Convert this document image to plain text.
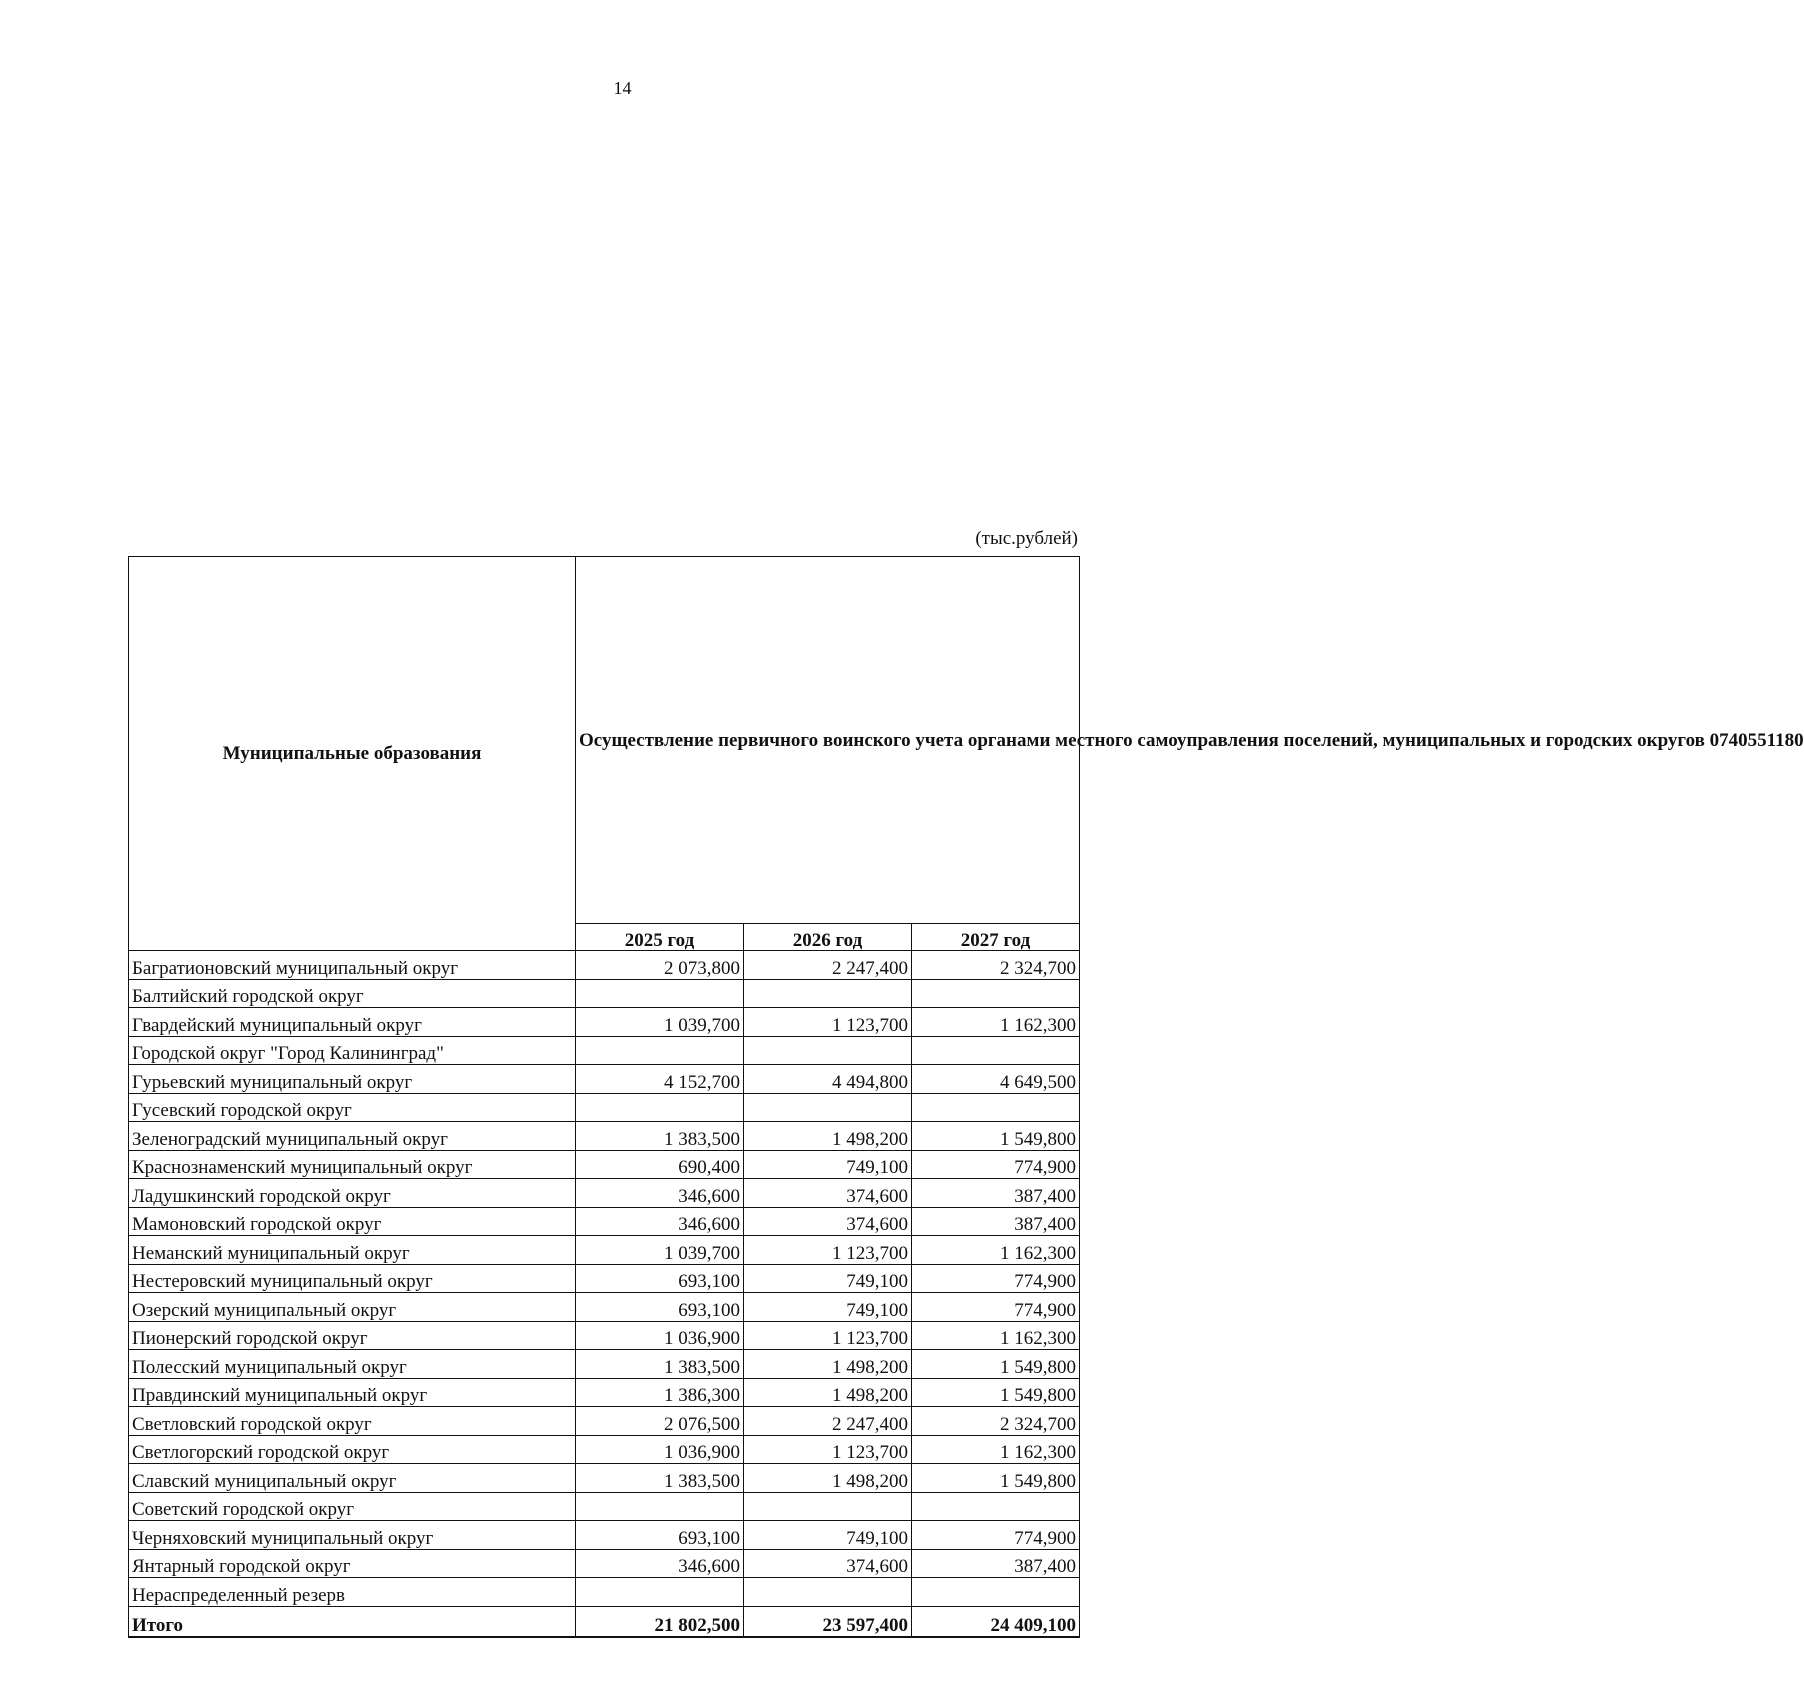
14
(тыс.рублей)
Муниципальные образования	Осуществление первичного воинского учета органами местного самоуправления поселений, муниципальных и городских округов 0740551180		
	2025 год	2026 год	2027 год
Багратионовский муниципальный округ	2 073,800	2 247,400	2 324,700
Балтийский городской округ			
Гвардейский муниципальный округ	1 039,700	1 123,700	1 162,300
Городской округ "Город Калининград"			
Гурьевский муниципальный округ	4 152,700	4 494,800	4 649,500
Гусевский городской округ			
Зеленоградский муниципальный округ	1 383,500	1 498,200	1 549,800
Краснознаменский муниципальный округ	690,400	749,100	774,900
Ладушкинский городской округ	346,600	374,600	387,400
Мамоновский городской округ	346,600	374,600	387,400
Неманский муниципальный округ	1 039,700	1 123,700	1 162,300
Нестеровский муниципальный округ	693,100	749,100	774,900
Озерский муниципальный округ	693,100	749,100	774,900
Пионерский городской округ	1 036,900	1 123,700	1 162,300
Полесский муниципальный округ	1 383,500	1 498,200	1 549,800
Правдинский муниципальный округ	1 386,300	1 498,200	1 549,800
Светловский городской округ	2 076,500	2 247,400	2 324,700
Светлогорский городской округ	1 036,900	1 123,700	1 162,300
Славский муниципальный округ	1 383,500	1 498,200	1 549,800
Советский городской округ			
Черняховский муниципальный округ	693,100	749,100	774,900
Янтарный городской округ	346,600	374,600	387,400
Нераспределенный резерв			
Итого	21 802,500	23 597,400	24 409,100
